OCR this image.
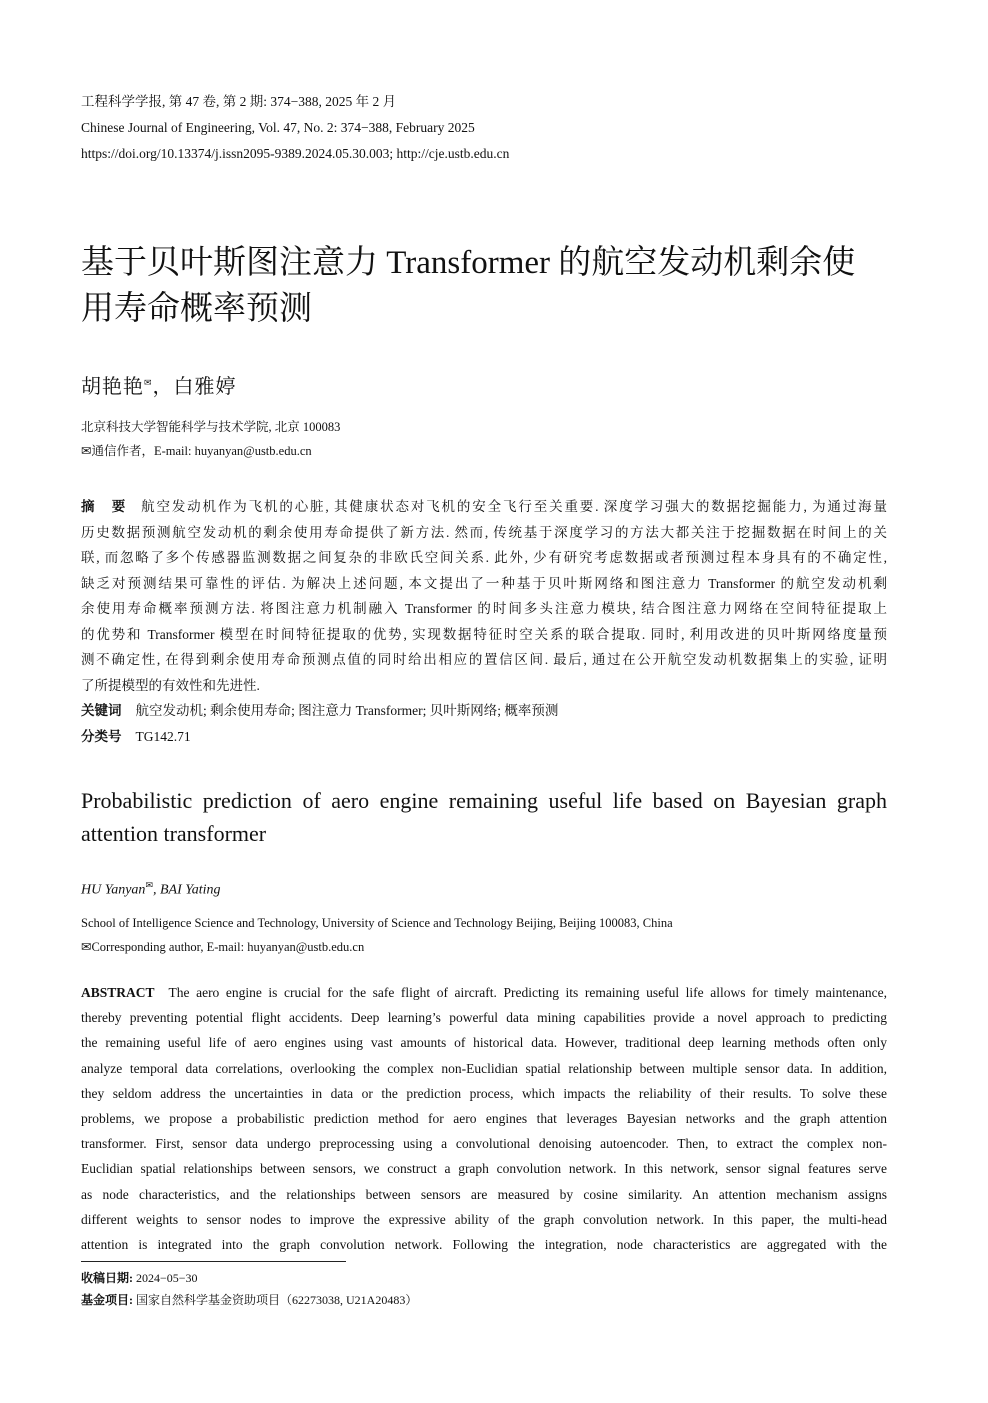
工程科学学报, 第 47 卷, 第 2 期: 374−388, 2025 年 2 月
Chinese Journal of Engineering, Vol. 47, No. 2: 374−388, February 2025
https://doi.org/10.13374/j.issn2095-9389.2024.05.30.003; http://cje.ustb.edu.cn
基于贝叶斯图注意力 Transformer 的航空发动机剩余使
用寿命概率预测
胡艳艳✉，白雅婷
北京科技大学智能科学与技术学院, 北京 100083
✉通信作者，E-mail: huyanyan@ustb.edu.cn
摘　要 航空发动机作为飞机的心脏, 其健康状态对飞机的安全飞行至关重要. 深度学习强大的数据挖掘能力, 为通过海量
历史数据预测航空发动机的剩余使用寿命提供了新方法. 然而, 传统基于深度学习的方法大都关注于挖掘数据在时间上的关
联, 而忽略了多个传感器监测数据之间复杂的非欧氏空间关系. 此外, 少有研究考虑数据或者预测过程本身具有的不确定性,
缺乏对预测结果可靠性的评估. 为解决上述问题, 本文提出了一种基于贝叶斯网络和图注意力 Transformer 的航空发动机剩
余使用寿命概率预测方法. 将图注意力机制融入 Transformer 的时间多头注意力模块, 结合图注意力网络在空间特征提取上
的优势和 Transformer 模型在时间特征提取的优势, 实现数据特征时空关系的联合提取. 同时, 利用改进的贝叶斯网络度量预
测不确定性, 在得到剩余使用寿命预测点值的同时给出相应的置信区间. 最后, 通过在公开航空发动机数据集上的实验, 证明
了所提模型的有效性和先进性.
关键词 航空发动机; 剩余使用寿命; 图注意力 Transformer; 贝叶斯网络; 概率预测
分类号 TG142.71
Probabilistic prediction of aero engine remaining useful life based on Bayesian graph
attention transformer
HU Yanyan✉, BAI Yating
School of Intelligence Science and Technology, University of Science and Technology Beijing, Beijing 100083, China
✉Corresponding author, E-mail: huyanyan@ustb.edu.cn
ABSTRACT The aero engine is crucial for the safe flight of aircraft. Predicting its remaining useful life allows for timely maintenance,
thereby preventing potential flight accidents. Deep learning’s powerful data mining capabilities provide a novel approach to predicting
the remaining useful life of aero engines using vast amounts of historical data. However, traditional deep learning methods often only
analyze temporal data correlations, overlooking the complex non-Euclidian spatial relationship between multiple sensor data. In addition,
they seldom address the uncertainties in data or the prediction process, which impacts the reliability of their results. To solve these
problems, we propose a probabilistic prediction method for aero engines that leverages Bayesian networks and the graph attention
transformer. First, sensor data undergo preprocessing using a convolutional denoising autoencoder. Then, to extract the complex non-
Euclidian spatial relationships between sensors, we construct a graph convolution network. In this network, sensor signal features serve
as node characteristics, and the relationships between sensors are measured by cosine similarity. An attention mechanism assigns
different weights to sensor nodes to improve the expressive ability of the graph convolution network. In this paper, the multi-head
attention is integrated into the graph convolution network. Following the integration, node characteristics are aggregated with the
收稿日期: 2024−05−30
基金项目: 国家自然科学基金资助项目（62273038, U21A20483）
